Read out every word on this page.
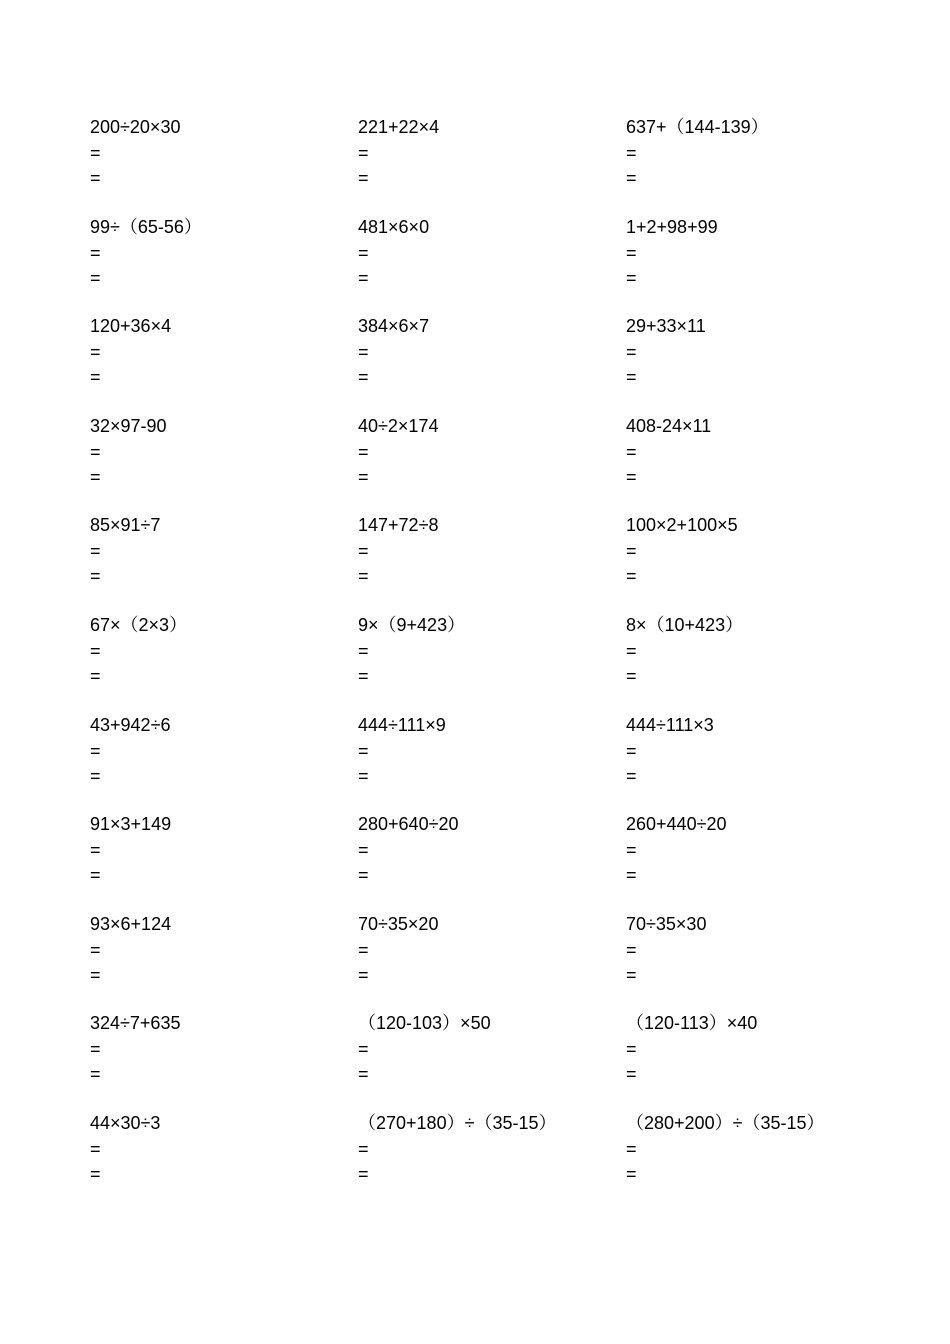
200÷20×30
=
=
221+22×4
=
=
637+（144-139）
=
=
99÷（65-56）
=
=
481×6×0
=
=
1+2+98+99
=
=
120+36×4
=
=
384×6×7
=
=
29+33×11
=
=
32×97-90
=
=
40÷2×174
=
=
408-24×11
=
=
85×91÷7
=
=
147+72÷8
=
=
100×2+100×5
=
=
67×（2×3）
=
=
9×（9+423）
=
=
8×（10+423）
=
=
43+942÷6
=
=
444÷111×9
=
=
444÷111×3
=
=
91×3+149
=
=
280+640÷20
=
=
260+440÷20
=
=
93×6+124
=
=
70÷35×20
=
=
70÷35×30
=
=
324÷7+635
=
=
（120-103）×50
=
=
（120-113）×40
=
=
44×30÷3
=
=
（270+180）÷（35-15）
=
=
（280+200）÷（35-15）
=
=
